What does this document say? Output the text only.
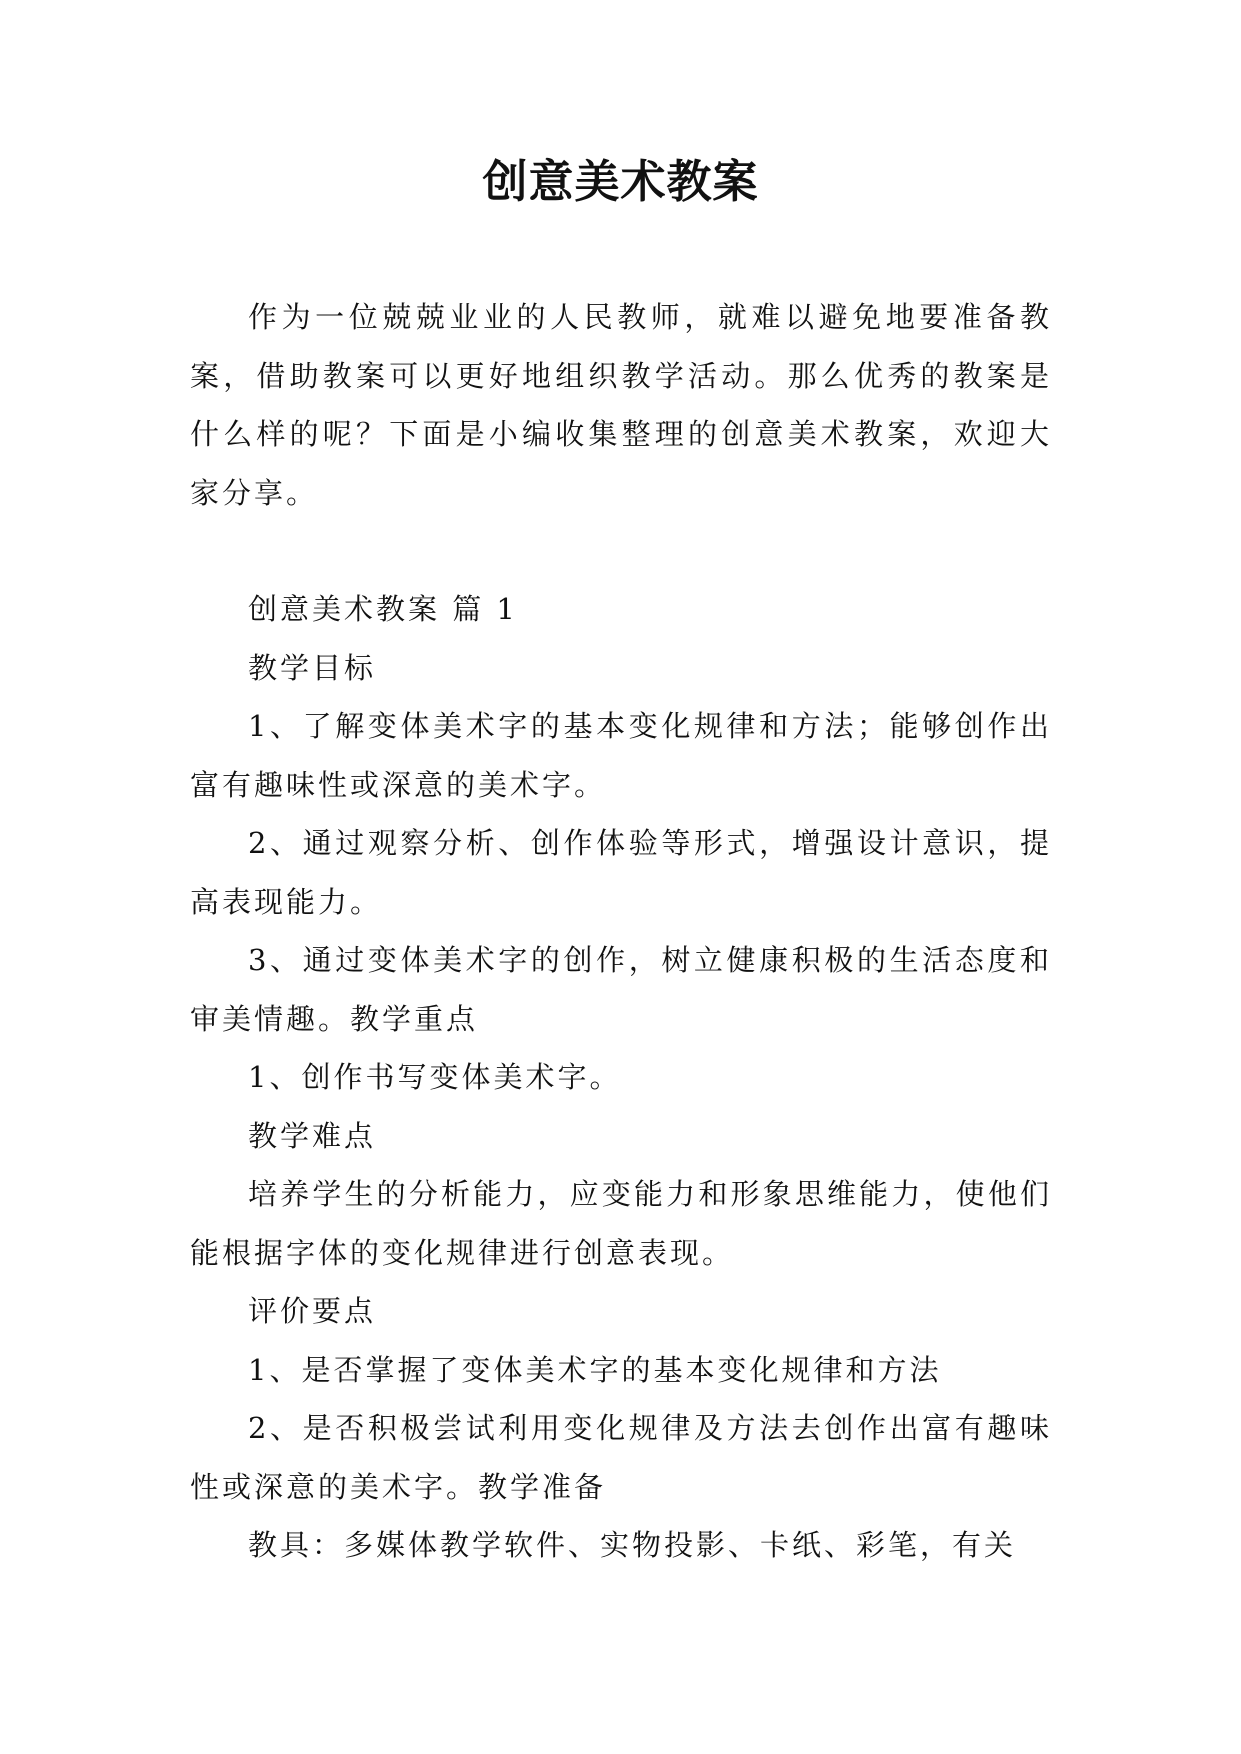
创意美术教案

作为一位兢兢业业的人民教师，就难以避免地要准备教案，借助教案可以更好地组织教学活动。那么优秀的教案是什么样的呢？下面是小编收集整理的创意美术教案，欢迎大家分享。

创意美术教案 篇 1

教学目标

1、了解变体美术字的基本变化规律和方法；能够创作出富有趣味性或深意的美术字。

2、通过观察分析、创作体验等形式，增强设计意识，提高表现能力。

3、通过变体美术字的创作，树立健康积极的生活态度和审美情趣。教学重点

1、创作书写变体美术字。

教学难点

培养学生的分析能力，应变能力和形象思维能力，使他们能根据字体的变化规律进行创意表现。

评价要点

1、是否掌握了变体美术字的基本变化规律和方法

2、是否积极尝试利用变化规律及方法去创作出富有趣味性或深意的美术字。教学准备

教具：多媒体教学软件、实物投影、卡纸、彩笔，有关
